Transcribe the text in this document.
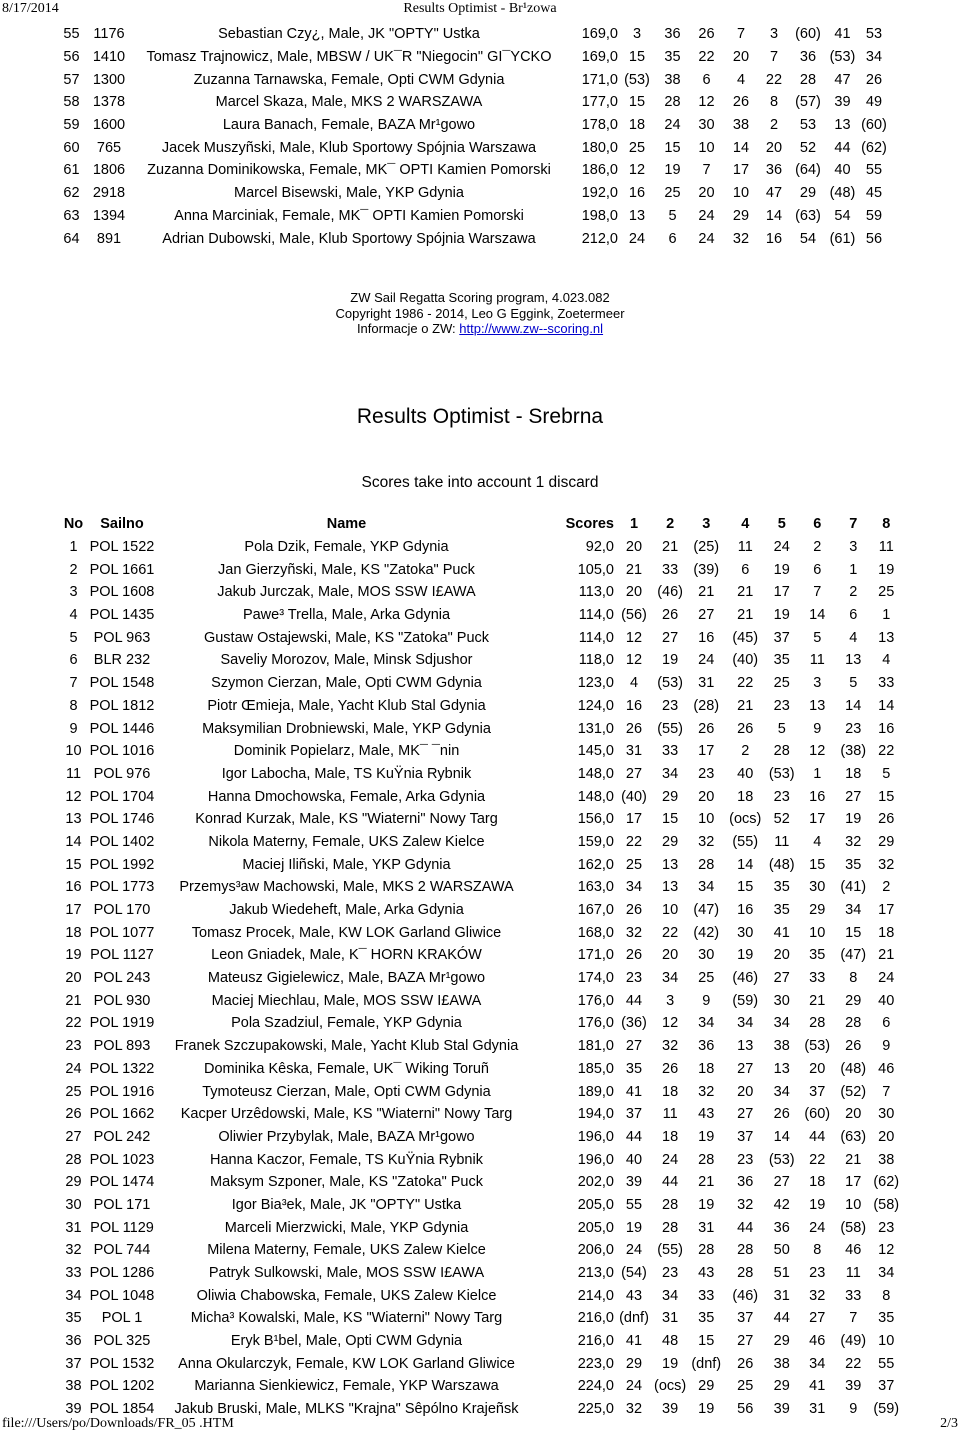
8/17/2014	Results Optimist - Br¹zowa
55	1176	Sebastian Czy¿, Male, JK "OPTY" Ustka	169,0	3	36	26	7	3	(60)	41	53
56	1410	Tomasz Trajnowicz, Male, MBSW / UK¯R "Niegocin" GI¯YCKO	169,0	15	35	22	20	7	36	(53)	34
57	1300	Zuzanna Tarnawska, Female, Opti CWM Gdynia	171,0	(53)	38	6	4	22	28	47	26
58	1378	Marcel Skaza, Male, MKS 2 WARSZAWA	177,0	15	28	12	26	8	(57)	39	49
59	1600	Laura Banach, Female, BAZA Mr¹gowo	178,0	18	24	30	38	2	53	13	(60)
60	765	Jacek Muszyñski, Male, Klub Sportowy Spójnia Warszawa	180,0	25	15	10	14	20	52	44	(62)
61	1806	Zuzanna Dominikowska, Female, MK¯ OPTI Kamien Pomorski	186,0	12	19	7	17	36	(64)	40	55
62	2918	Marcel Bisewski, Male, YKP Gdynia	192,0	16	25	20	10	47	29	(48)	45
63	1394	Anna Marciniak, Female, MK¯ OPTI Kamien Pomorski	198,0	13	5	24	29	14	(63)	54	59
64	891	Adrian Dubowski, Male, Klub Sportowy Spójnia Warszawa	212,0	24	6	24	32	16	54	(61)	56
ZW Sail Regatta Scoring program, 4.023.082
Copyright 1986 - 2014, Leo G Eggink, Zoetermeer
Informacje o ZW: http://www.zw--scoring.nl
Results Optimist - Srebrna
Scores take into account 1 discard
No	Sailno	Name	Scores	1	2	3	4	5	6	7	8
1	POL 1522	Pola Dzik, Female, YKP Gdynia	92,0	20	21	(25)	11	24	2	3	11
2	POL 1661	Jan Gierzyñski, Male, KS "Zatoka" Puck	105,0	21	33	(39)	6	19	6	1	19
3	POL 1608	Jakub Jurczak, Male, MOS SSW I£AWA	113,0	20	(46)	21	21	17	7	2	25
4	POL 1435	Pawe³ Trella, Male, Arka Gdynia	114,0	(56)	26	27	21	19	14	6	1
5	POL 963	Gustaw Ostajewski, Male, KS "Zatoka" Puck	114,0	12	27	16	(45)	37	5	4	13
6	BLR 232	Saveliy Morozov, Male, Minsk Sdjushor	118,0	12	19	24	(40)	35	11	13	4
7	POL 1548	Szymon Cierzan, Male, Opti CWM Gdynia	123,0	4	(53)	31	22	25	3	5	33
8	POL 1812	Piotr Œmieja, Male, Yacht Klub Stal Gdynia	124,0	16	23	(28)	21	23	13	14	14
9	POL 1446	Maksymilian Drobniewski, Male, YKP Gdynia	131,0	26	(55)	26	26	5	9	23	16
10	POL 1016	Dominik Popielarz, Male, MK¯ ¯nin	145,0	31	33	17	2	28	12	(38)	22
11	POL 976	Igor Labocha, Male, TS KuŸnia Rybnik	148,0	27	34	23	40	(53)	1	18	5
12	POL 1704	Hanna Dmochowska, Female, Arka Gdynia	148,0	(40)	29	20	18	23	16	27	15
13	POL 1746	Konrad Kurzak, Male, KS "Wiaterni" Nowy Targ	156,0	17	15	10	(ocs)	52	17	19	26
14	POL 1402	Nikola Materny, Female, UKS Zalew Kielce	159,0	22	29	32	(55)	11	4	32	29
15	POL 1992	Maciej Iliñski, Male, YKP Gdynia	162,0	25	13	28	14	(48)	15	35	32
16	POL 1773	Przemys³aw Machowski, Male, MKS 2 WARSZAWA	163,0	34	13	34	15	35	30	(41)	2
17	POL 170	Jakub Wiedeheft, Male, Arka Gdynia	167,0	26	10	(47)	16	35	29	34	17
18	POL 1077	Tomasz Procek, Male, KW LOK Garland Gliwice	168,0	32	22	(42)	30	41	10	15	18
19	POL 1127	Leon Gniadek, Male, K¯ HORN KRAKÓW	171,0	26	20	30	19	20	35	(47)	21
20	POL 243	Mateusz Gigielewicz, Male, BAZA Mr¹gowo	174,0	23	34	25	(46)	27	33	8	24
21	POL 930	Maciej Miechlau, Male, MOS SSW I£AWA	176,0	44	3	9	(59)	30	21	29	40
22	POL 1919	Pola Szadziul, Female, YKP Gdynia	176,0	(36)	12	34	34	34	28	28	6
23	POL 893	Franek Szczupakowski, Male, Yacht Klub Stal Gdynia	181,0	27	32	36	13	38	(53)	26	9
24	POL 1322	Dominika Kêska, Female, UK¯ Wiking Toruñ	185,0	35	26	18	27	13	20	(48)	46
25	POL 1916	Tymoteusz Cierzan, Male, Opti CWM Gdynia	189,0	41	18	32	20	34	37	(52)	7
26	POL 1662	Kacper Urzêdowski, Male, KS "Wiaterni" Nowy Targ	194,0	37	11	43	27	26	(60)	20	30
27	POL 242	Oliwier Przybylak, Male, BAZA Mr¹gowo	196,0	44	18	19	37	14	44	(63)	20
28	POL 1023	Hanna Kaczor, Female, TS KuŸnia Rybnik	196,0	40	24	28	23	(53)	22	21	38
29	POL 1474	Maksym Szponer, Male, KS "Zatoka" Puck	202,0	39	44	21	36	27	18	17	(62)
30	POL 171	Igor Bia³ek, Male, JK "OPTY" Ustka	205,0	55	28	19	32	42	19	10	(58)
31	POL 1129	Marceli Mierzwicki, Male, YKP Gdynia	205,0	19	28	31	44	36	24	(58)	23
32	POL 744	Milena Materny, Female, UKS Zalew Kielce	206,0	24	(55)	28	28	50	8	46	12
33	POL 1286	Patryk Sulkowski, Male, MOS SSW I£AWA	213,0	(54)	23	43	28	51	23	11	34
34	POL 1048	Oliwia Chabowska, Female, UKS Zalew Kielce	214,0	43	34	33	(46)	31	32	33	8
35	POL 1	Micha³ Kowalski, Male, KS "Wiaterni" Nowy Targ	216,0	(dnf)	31	35	37	44	27	7	35
36	POL 325	Eryk B¹bel, Male, Opti CWM Gdynia	216,0	41	48	15	27	29	46	(49)	10
37	POL 1532	Anna Okularczyk, Female, KW LOK Garland Gliwice	223,0	29	19	(dnf)	26	38	34	22	55
38	POL 1202	Marianna Sienkiewicz, Female, YKP Warszawa	224,0	24	(ocs)	29	25	29	41	39	37
39	POL 1854	Jakub Bruski, Male, MLKS "Krajna" Sêpólno Krajeñsk	225,0	32	39	19	56	39	31	9	(59)
file:///Users/po/Downloads/FR_05 .HTM	2/3
